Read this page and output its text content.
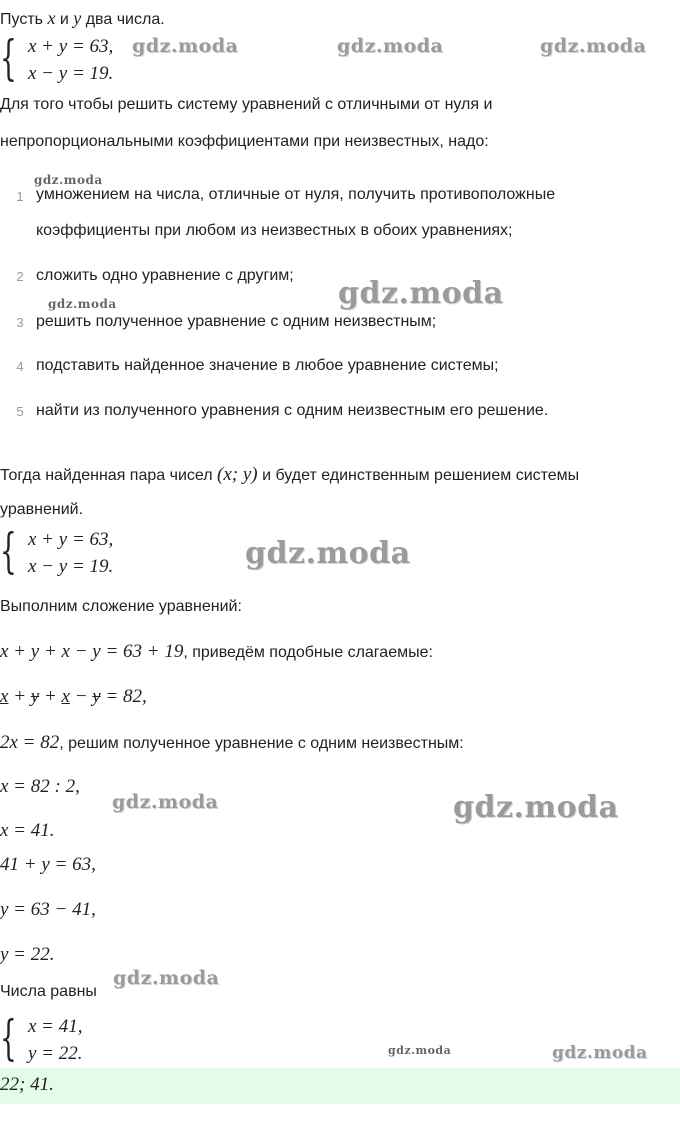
Пусть x и y два числа.
{ x + y = 63,
x − y = 19.
Для того чтобы решить систему уравнений с отличными от нуля и
непропорциональными коэффициентами при неизвестных, надо:
1 умножением на числа, отличные от нуля, получить противоположные
коэффициенты при любом из неизвестных в обоих уравнениях;
2 сложить одно уравнение с другим;
3 решить полученное уравнение с одним неизвестным;
4 подставить найденное значение в любое уравнение системы;
5 найти из полученного уравнения с одним неизвестным его решение.
Тогда найденная пара чисел (x; y) и будет единственным решением системы
уравнений.
{ x + y = 63,
x − y = 19.
Выполним сложение уравнений:
x + y + x − y = 63 + 19, приведём подобные слагаемые:
x + y + x − y = 82,
2x = 82, решим полученное уравнение с одним неизвестным:
x = 82 : 2,
x = 41.
41 + y = 63,
y = 63 − 41,
y = 22.
Числа равны
{ x = 41,
y = 22.
22; 41.
gdz.moda	gdz.moda	gdz.moda
gdz.moda
gdz.moda	gdz.moda
gdz.moda
gdz.moda	gdz.moda
gdz.moda
gdz.moda	gdz.moda
